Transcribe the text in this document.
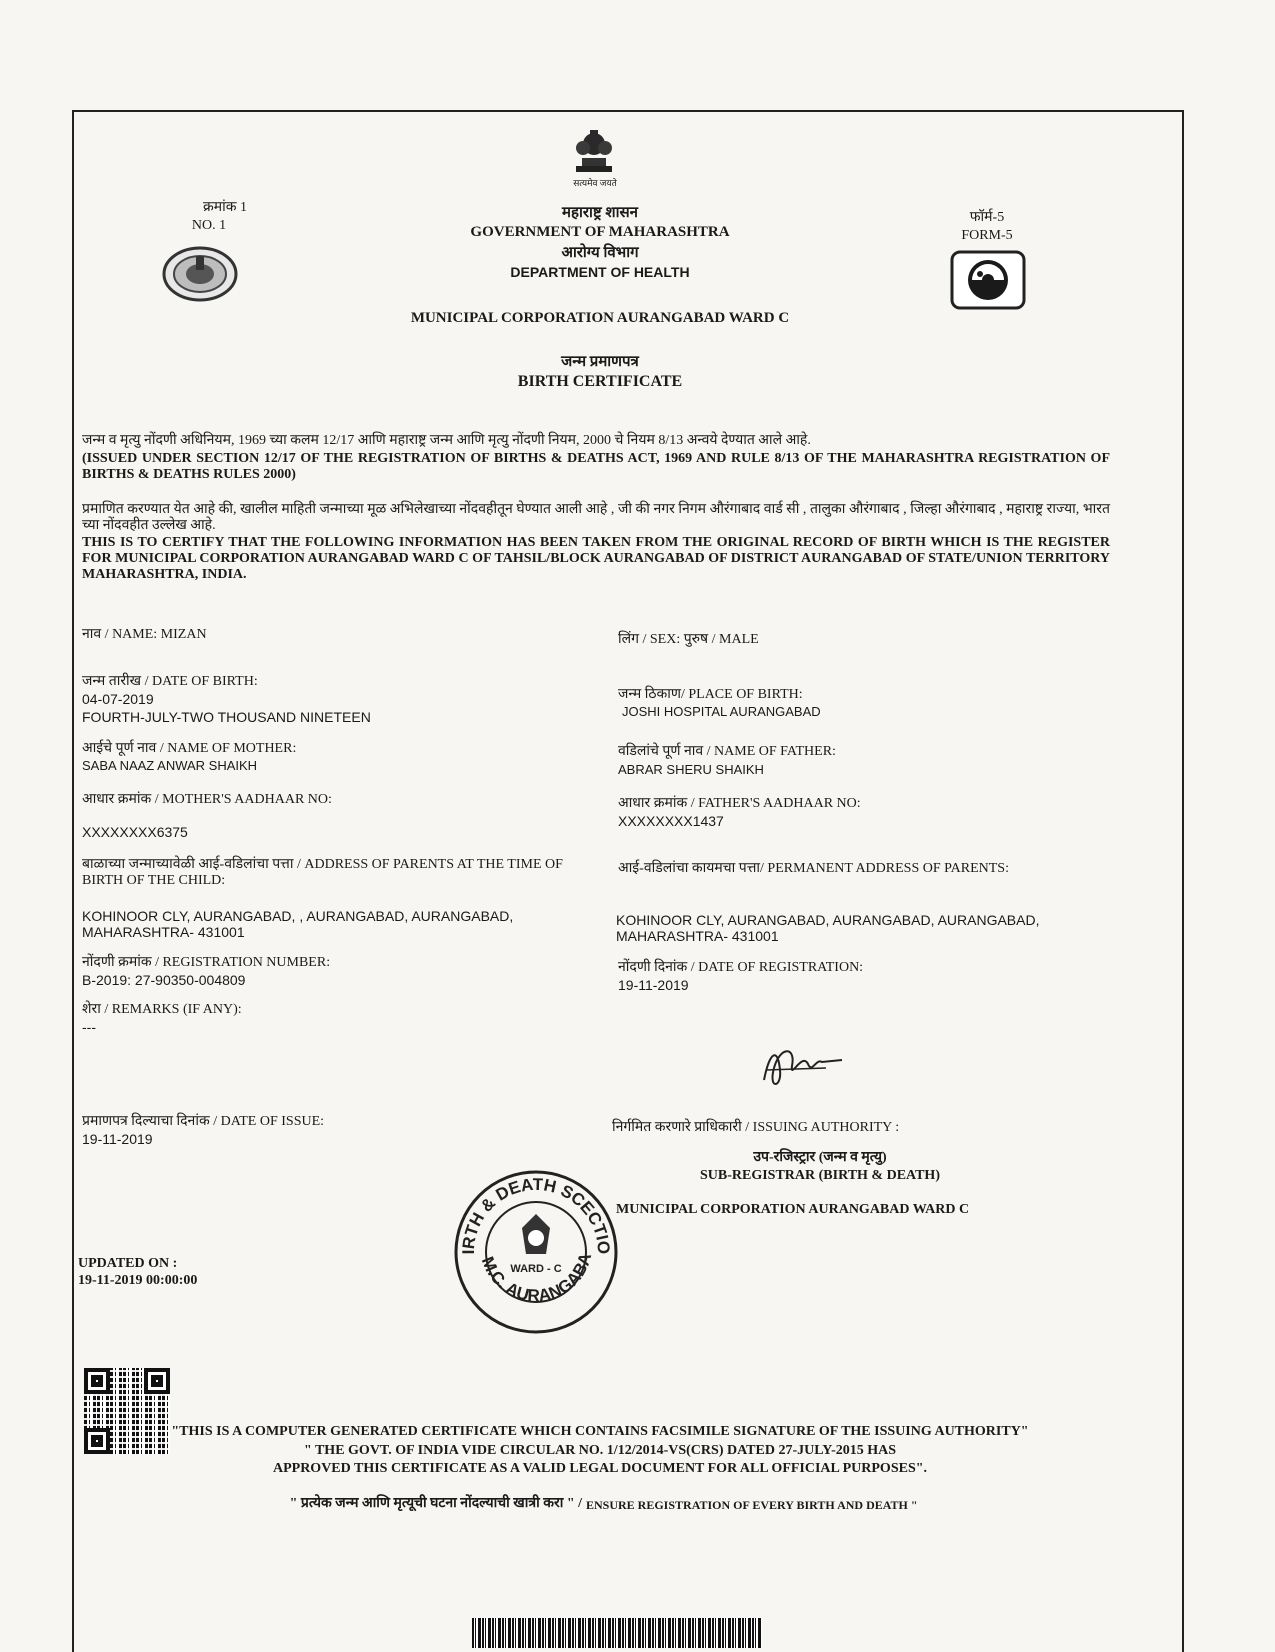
सत्यमेव जयते
क्रमांक 1
NO. 1
फॉर्म-5
FORM-5
महाराष्ट्र शासन
GOVERNMENT OF MAHARASHTRA
आरोग्य विभाग
DEPARTMENT OF HEALTH
MUNICIPAL CORPORATION AURANGABAD WARD C
जन्म प्रमाणपत्र
BIRTH CERTIFICATE
जन्म व मृत्यु नोंदणी अधिनियम, 1969 च्या कलम 12/17 आणि महाराष्ट्र जन्म आणि मृत्यु नोंदणी नियम, 2000 चे नियम 8/13 अन्वये देण्यात आले आहे.
(ISSUED UNDER SECTION 12/17 OF THE REGISTRATION OF BIRTHS & DEATHS ACT, 1969 AND RULE 8/13 OF THE MAHARASHTRA REGISTRATION OF BIRTHS & DEATHS RULES 2000)
प्रमाणित करण्यात येत आहे की, खालील माहिती जन्माच्या मूळ अभिलेखाच्या नोंदवहीतून घेण्यात आली आहे , जी की नगर निगम औरंगाबाद वार्ड सी , तालुका औरंगाबाद , जिल्हा औरंगाबाद , महाराष्ट्र राज्या, भारत च्या नोंदवहीत उल्लेख आहे.
THIS IS TO CERTIFY THAT THE FOLLOWING INFORMATION HAS BEEN TAKEN FROM THE ORIGINAL RECORD OF BIRTH WHICH IS THE REGISTER FOR MUNICIPAL CORPORATION AURANGABAD WARD C OF TAHSIL/BLOCK AURANGABAD OF DISTRICT AURANGABAD OF STATE/UNION TERRITORY MAHARASHTRA, INDIA.
नाव / NAME: MIZAN
जन्म तारीख / DATE OF BIRTH:
04-07-2019
FOURTH-JULY-TWO THOUSAND NINETEEN
आईचे पूर्ण नाव / NAME OF MOTHER:
SABA NAAZ ANWAR SHAIKH
आधार क्रमांक / MOTHER'S AADHAAR NO:
XXXXXXXX6375
बाळाच्या जन्माच्यावेळी आई-वडिलांचा पत्ता / ADDRESS OF PARENTS AT THE TIME OF BIRTH OF THE CHILD:
KOHINOOR CLY, AURANGABAD, , AURANGABAD, AURANGABAD, MAHARASHTRA- 431001
नोंदणी क्रमांक / REGISTRATION NUMBER:
B-2019: 27-90350-004809
शेरा / REMARKS (IF ANY):
---
प्रमाणपत्र दिल्याचा दिनांक / DATE OF ISSUE:
19-11-2019
UPDATED ON :
19-11-2019 00:00:00
लिंग / SEX: पुरुष / MALE
जन्म ठिकाण/ PLACE OF BIRTH:
JOSHI HOSPITAL AURANGABAD
वडिलांचे पूर्ण नाव / NAME OF FATHER:
ABRAR SHERU SHAIKH
आधार क्रमांक / FATHER'S AADHAAR NO:
XXXXXXXX1437
आई-वडिलांचा कायमचा पत्ता/ PERMANENT ADDRESS OF PARENTS:
KOHINOOR CLY, AURANGABAD, AURANGABAD, AURANGABAD, MAHARASHTRA- 431001
नोंदणी दिनांक / DATE OF REGISTRATION:
19-11-2019
निर्गमित करणारे प्राधिकारी / ISSUING AUTHORITY :
उप-रजिस्ट्रार (जन्म व मृत्यु)
SUB-REGISTRAR (BIRTH & DEATH)
MUNICIPAL CORPORATION AURANGABAD WARD C
IRTH & DEATH SCECTIO
M.C. AURANGABA
WARD - C
"THIS IS A COMPUTER GENERATED CERTIFICATE WHICH CONTAINS FACSIMILE SIGNATURE OF THE ISSUING AUTHORITY"
" THE GOVT. OF INDIA VIDE CIRCULAR NO. 1/12/2014-VS(CRS) DATED 27-JULY-2015 HAS
APPROVED THIS CERTIFICATE AS A VALID LEGAL DOCUMENT FOR ALL OFFICIAL PURPOSES".
" प्रत्येक जन्म आणि मृत्यूची घटना नोंदल्याची खात्री करा " / ENSURE REGISTRATION OF EVERY BIRTH AND DEATH "
